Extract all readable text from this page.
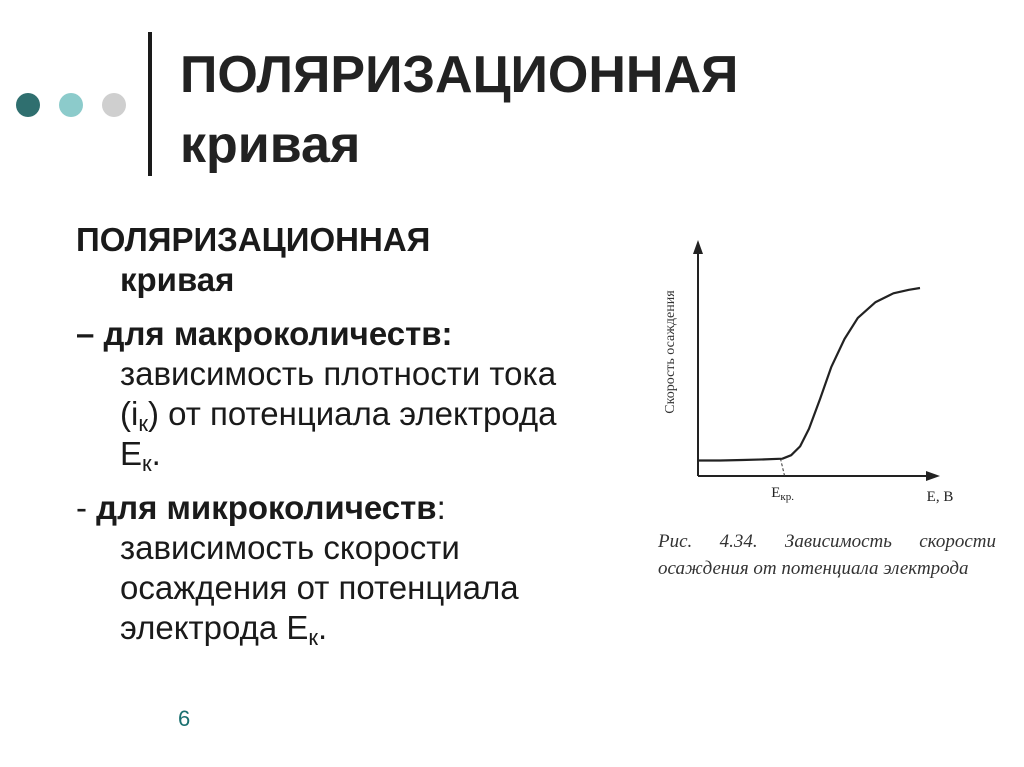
ПОЛЯРИЗАЦИОННАЯ
кривая

ПОЛЯРИЗАЦИОННАЯ
кривая

– для макроколичеств: зависимость плотности тока $(i_к)$ от потенциала электрода $E_к$.

- для микроколичеств: зависимость скорости осаждения от потенциала электрода $E_к$.

Скорость осаждения
$E_{кр.}$	E, B

Рис. 4.34. Зависимость скорости осаждения от потенциала электрода

6
